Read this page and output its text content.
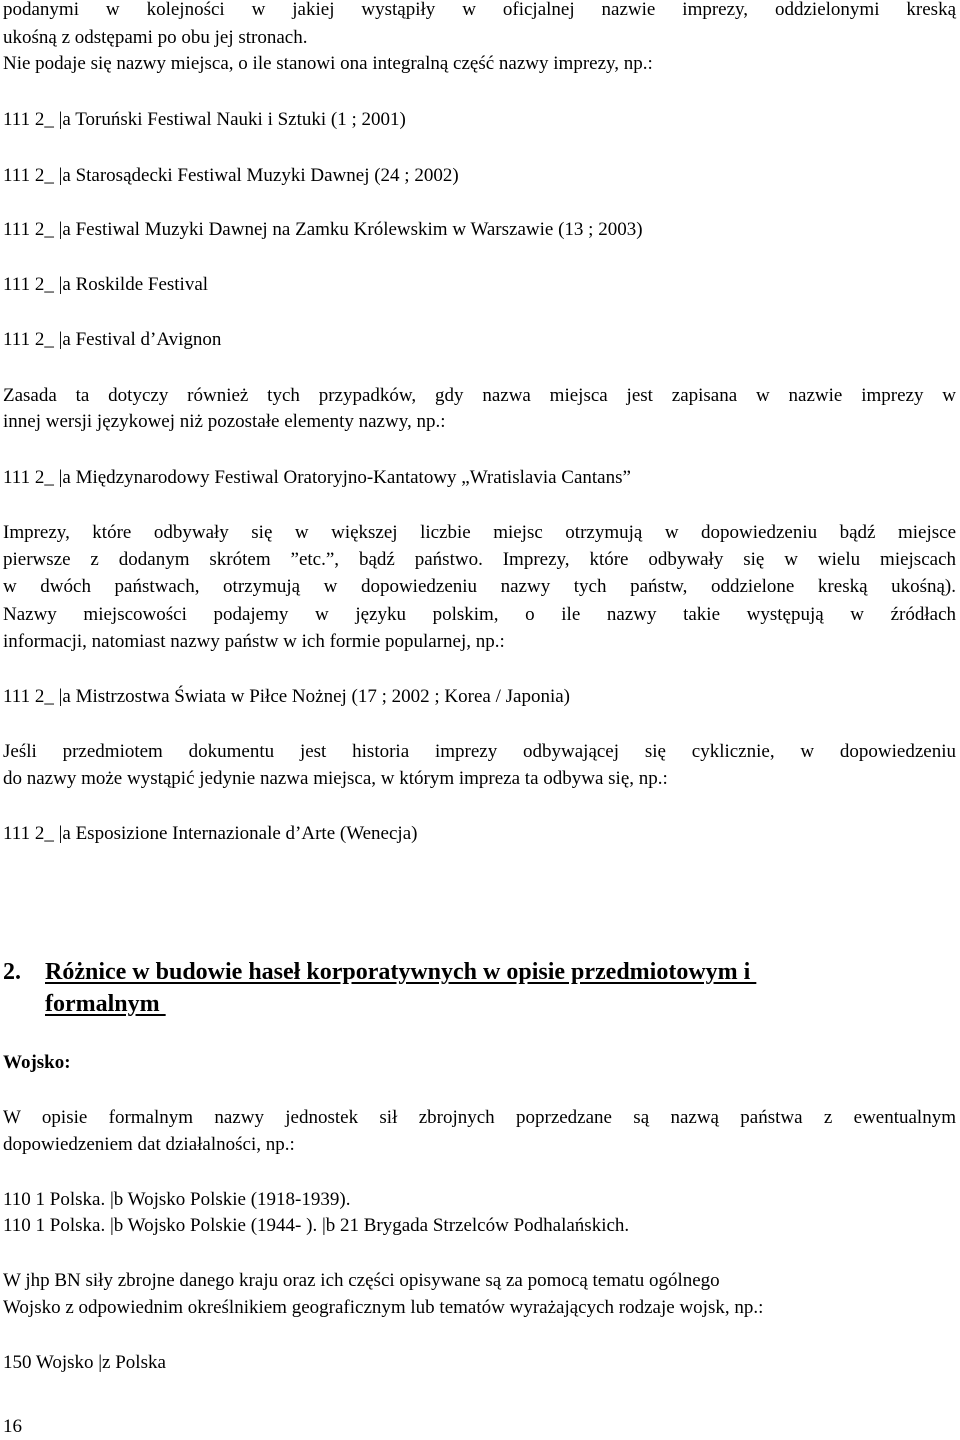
podanymi w kolejności w jakiej wystąpiły w oficjalnej nazwie imprezy, oddzielonymi kreską

ukośną z odstępami po obu jej stronach.

Nie podaje się nazwy miejsca, o ile stanowi ona integralną część nazwy imprezy, np.:

111 2_ |a Toruński Festiwal Nauki i Sztuki (1 ; 2001)

111 2_ |a Starosądecki Festiwal Muzyki Dawnej (24 ; 2002)

111 2_ |a Festiwal Muzyki Dawnej na Zamku Królewskim w Warszawie (13 ; 2003)

111 2_ |a Roskilde Festival

111 2_ |a Festival d’Avignon

Zasada ta dotyczy również tych przypadków, gdy nazwa miejsca jest zapisana w nazwie imprezy w

innej wersji językowej niż pozostałe elementy nazwy, np.:

111 2_ |a Międzynarodowy Festiwal Oratoryjno-Kantatowy „Wratislavia Cantans”

Imprezy, które odbywały się w większej liczbie miejsc otrzymują w dopowiedzeniu bądź miejsce

pierwsze z dodanym skrótem ”etc.”, bądź państwo. Imprezy, które odbywały się w wielu miejscach

w dwóch państwach, otrzymują w dopowiedzeniu nazwy tych państw, oddzielone kreską ukośną).

Nazwy miejscowości podajemy w języku polskim, o ile nazwy takie występują w źródłach

informacji, natomiast nazwy państw w ich formie popularnej, np.:

111 2_ |a Mistrzostwa Świata w Piłce Nożnej (17 ; 2002 ; Korea / Japonia)

Jeśli przedmiotem dokumentu jest historia imprezy odbywającej się cyklicznie, w dopowiedzeniu

do nazwy może wystąpić jedynie nazwa miejsca, w którym impreza ta odbywa się, np.:

111 2_ |a Esposizione Internazionale d’Arte (Wenecja)

2. Różnice w budowie haseł korporatywnych w opisie przedmiotowym i
formalnym

Wojsko:

W opisie formalnym nazwy jednostek sił zbrojnych poprzedzane są nazwą państwa z ewentualnym

dopowiedzeniem dat działalności, np.:

110 1 Polska. |b Wojsko Polskie (1918-1939).

110 1 Polska. |b Wojsko Polskie (1944- ). |b 21 Brygada Strzelców Podhalańskich.

W jhp BN siły zbrojne danego kraju oraz ich części opisywane są za pomocą tematu ogólnego

Wojsko z odpowiednim określnikiem geograficznym lub tematów wyrażających rodzaje wojsk, np.:

150 Wojsko |z Polska

16
